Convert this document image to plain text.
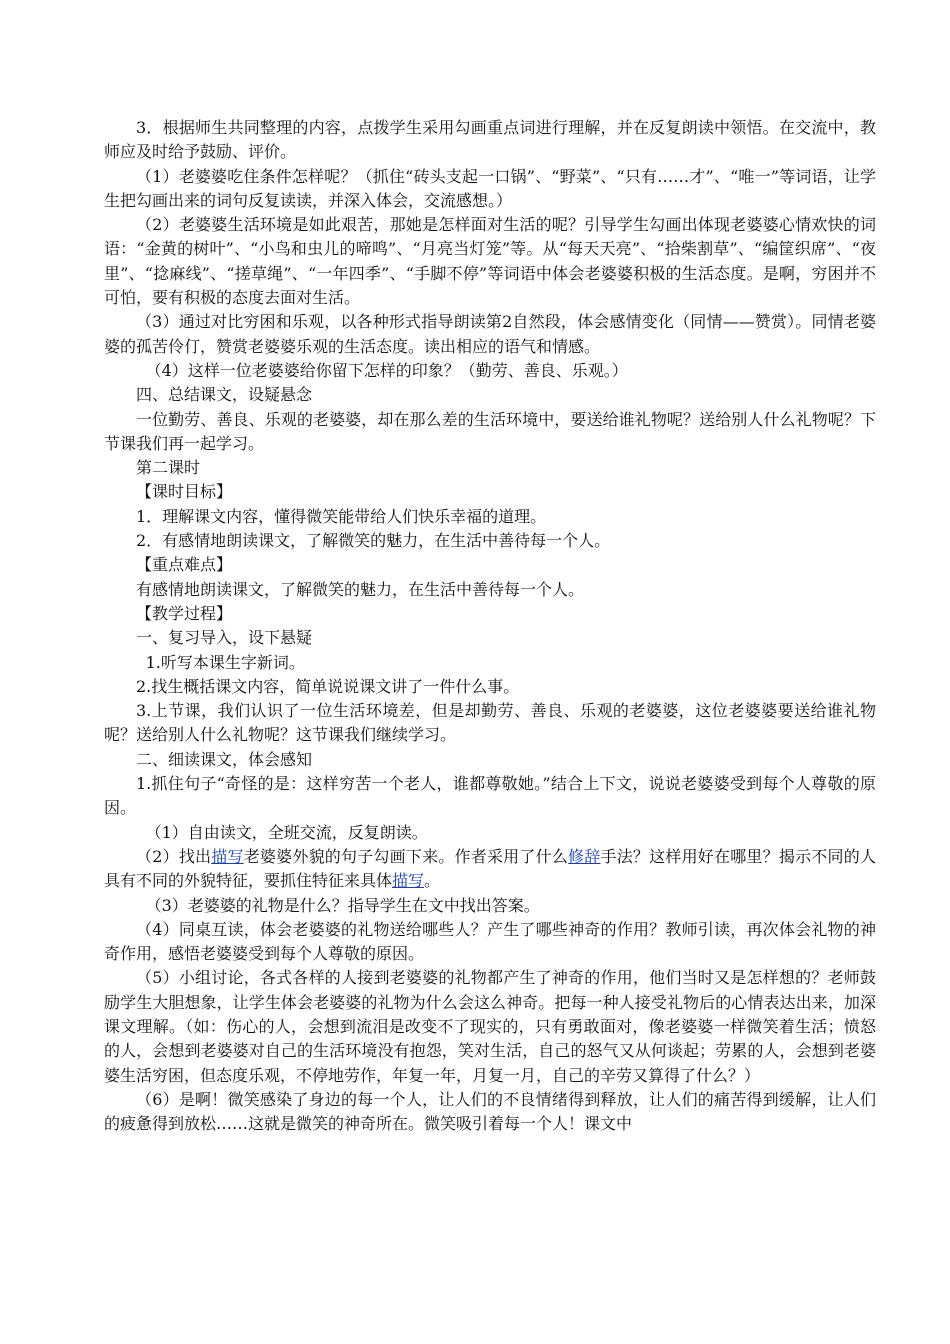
3．根据师生共同整理的内容，点拨学生采用勾画重点词进行理解，并在反复朗读中领悟。在交流中，教师应及时给予鼓励、评价。

（1）老婆婆吃住条件怎样呢？（抓住“砖头支起一口锅”、“野菜”、“只有……才”、“唯一”等词语，让学生把勾画出来的词句反复读读，并深入体会，交流感想。）

（2）老婆婆生活环境是如此艰苦，那她是怎样面对生活的呢？引导学生勾画出体现老婆婆心情欢快的词语：“金黄的树叶”、“小鸟和虫儿的啼鸣”、“月亮当灯笼”等。从“每天天亮”、“拾柴割草”、“编筐织席”、“夜里”、“捻麻线”、“搓草绳”、“一年四季”、“手脚不停”等词语中体会老婆婆积极的生活态度。是啊，穷困并不可怕，要有积极的态度去面对生活。

（3）通过对比穷困和乐观，以各种形式指导朗读第2自然段，体会感情变化（同情——赞赏）。同情老婆婆的孤苦伶仃，赞赏老婆婆乐观的生活态度。读出相应的语气和情感。

（4）这样一位老婆婆给你留下怎样的印象？（勤劳、善良、乐观。）

四、总结课文，设疑悬念

一位勤劳、善良、乐观的老婆婆，却在那么差的生活环境中，要送给谁礼物呢？送给别人什么礼物呢？下节课我们再一起学习。

第二课时

【课时目标】

1．理解课文内容，懂得微笑能带给人们快乐幸福的道理。

2．有感情地朗读课文，了解微笑的魅力，在生活中善待每一个人。

【重点难点】

有感情地朗读课文，了解微笑的魅力，在生活中善待每一个人。

【教学过程】

一、复习导入，设下悬疑

1.听写本课生字新词。

2.找生概括课文内容，简单说说课文讲了一件什么事。

3.上节课，我们认识了一位生活环境差，但是却勤劳、善良、乐观的老婆婆，这位老婆婆要送给谁礼物呢？送给别人什么礼物呢？这节课我们继续学习。

二、细读课文，体会感知

1.抓住句子“奇怪的是：这样穷苦一个老人，谁都尊敬她。”结合上下文，说说老婆婆受到每个人尊敬的原因。

（1）自由读文，全班交流，反复朗读。

（2）找出描写老婆婆外貌的句子勾画下来。作者采用了什么修辞手法？这样用好在哪里？揭示不同的人具有不同的外貌特征，要抓住特征来具体描写。

（3）老婆婆的礼物是什么？指导学生在文中找出答案。

（4）同桌互读，体会老婆婆的礼物送给哪些人？产生了哪些神奇的作用？教师引读，再次体会礼物的神奇作用，感悟老婆婆受到每个人尊敬的原因。

（5）小组讨论，各式各样的人接到老婆婆的礼物都产生了神奇的作用，他们当时又是怎样想的？老师鼓励学生大胆想象，让学生体会老婆婆的礼物为什么会这么神奇。把每一种人接受礼物后的心情表达出来，加深课文理解。（如：伤心的人，会想到流泪是改变不了现实的，只有勇敢面对，像老婆婆一样微笑着生活；愤怒的人，会想到老婆婆对自己的生活环境没有抱怨，笑对生活，自己的怒气又从何谈起；劳累的人，会想到老婆婆生活穷困，但态度乐观，不停地劳作，年复一年，月复一月，自己的辛劳又算得了什么？）

（6）是啊！微笑感染了身边的每一个人，让人们的不良情绪得到释放，让人们的痛苦得到缓解，让人们的疲惫得到放松……这就是微笑的神奇所在。微笑吸引着每一个人！课文中
